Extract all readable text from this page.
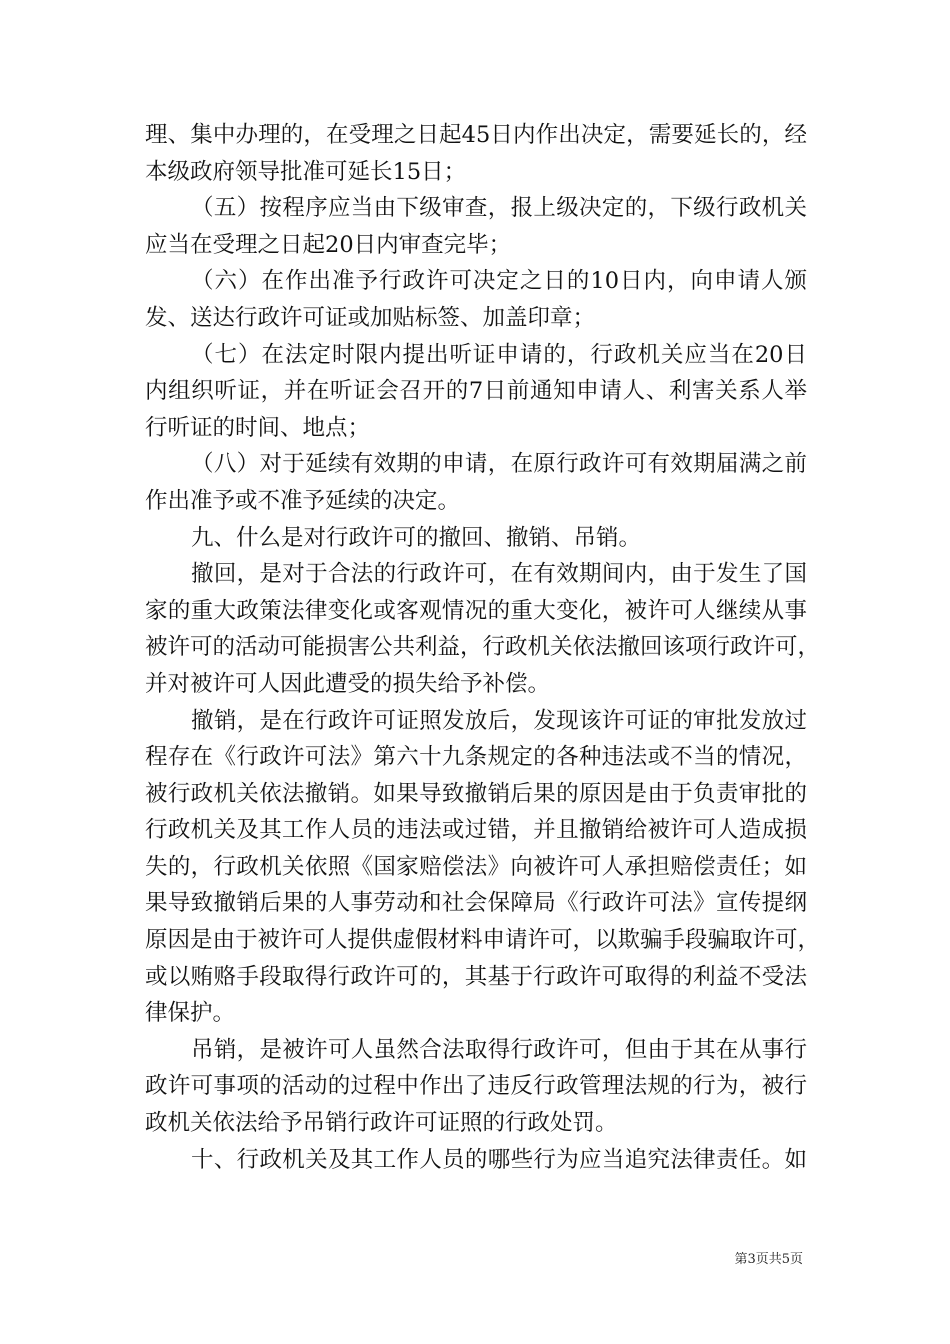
理、集中办理的，在受理之日起45日内作出决定，需要延长的，经
本级政府领导批准可延长15日；
（五）按程序应当由下级审查，报上级决定的，下级行政机关
应当在受理之日起20日内审查完毕；
（六）在作出准予行政许可决定之日的10日内，向申请人颁
发、送达行政许可证或加贴标签、加盖印章；
（七）在法定时限内提出听证申请的，行政机关应当在20日
内组织听证，并在听证会召开的7日前通知申请人、利害关系人举
行听证的时间、地点；
（八）对于延续有效期的申请，在原行政许可有效期届满之前
作出准予或不准予延续的决定。
九、什么是对行政许可的撤回、撤销、吊销。
撤回，是对于合法的行政许可，在有效期间内，由于发生了国
家的重大政策法律变化或客观情况的重大变化，被许可人继续从事
被许可的活动可能损害公共利益，行政机关依法撤回该项行政许可，
并对被许可人因此遭受的损失给予补偿。
撤销，是在行政许可证照发放后，发现该许可证的审批发放过
程存在《行政许可法》第六十九条规定的各种违法或不当的情况，
被行政机关依法撤销。如果导致撤销后果的原因是由于负责审批的
行政机关及其工作人员的违法或过错，并且撤销给被许可人造成损
失的，行政机关依照《国家赔偿法》向被许可人承担赔偿责任；如
果导致撤销后果的人事劳动和社会保障局《行政许可法》宣传提纲
原因是由于被许可人提供虚假材料申请许可，以欺骗手段骗取许可，
或以贿赂手段取得行政许可的，其基于行政许可取得的利益不受法
律保护。
吊销，是被许可人虽然合法取得行政许可，但由于其在从事行
政许可事项的活动的过程中作出了违反行政管理法规的行为，被行
政机关依法给予吊销行政许可证照的行政处罚。
十、行政机关及其工作人员的哪些行为应当追究法律责任。如
第3页共5页
